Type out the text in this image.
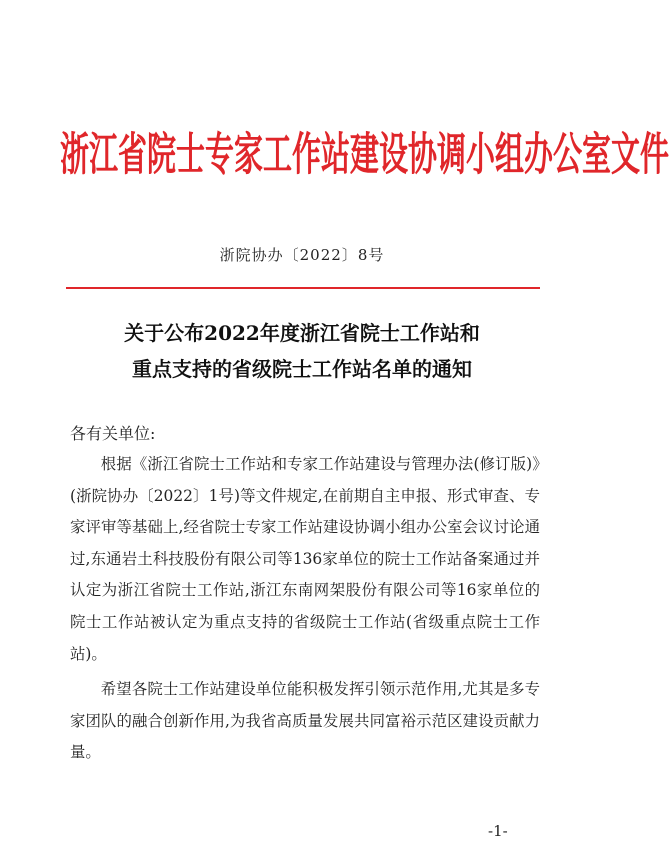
浙江省院士专家工作站建设协调小组办公室文件
浙院协办〔2022〕8号
关于公布2022年度浙江省院士工作站和
重点支持的省级院士工作站名单的通知
各有关单位:

根据《浙江省院士工作站和专家工作站建设与管理办法(修订版)》(浙院协办〔2022〕1号)等文件规定,在前期自主申报、形式审查、专家评审等基础上,经省院士专家工作站建设协调小组办公室会议讨论通过,东通岩土科技股份有限公司等136家单位的院士工作站备案通过并认定为浙江省院士工作站,浙江东南网架股份有限公司等16家单位的院士工作站被认定为重点支持的省级院士工作站(省级重点院士工作站)。

希望各院士工作站建设单位能积极发挥引领示范作用,尤其是多专家团队的融合创新作用,为我省高质量发展共同富裕示范区建设贡献力量。

-1-
